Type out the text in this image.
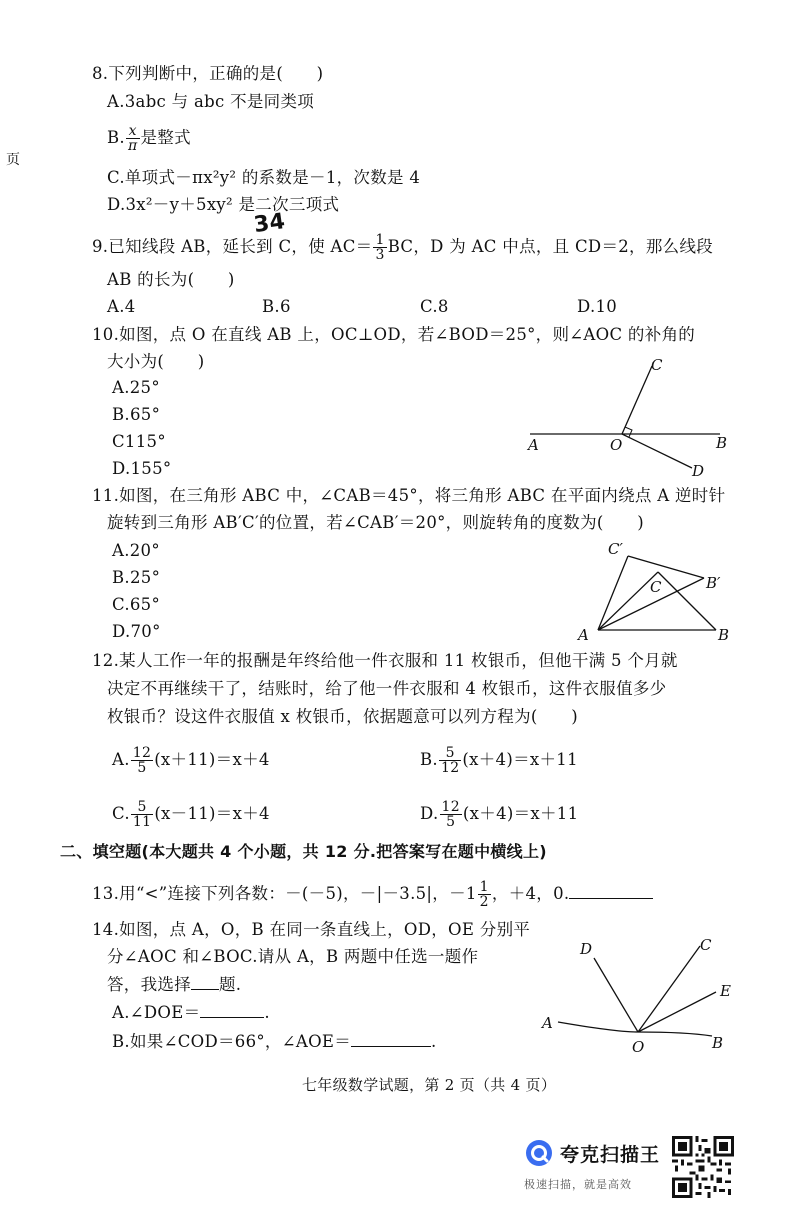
页
8.下列判断中，正确的是(　　)
A.3abc 与 abc 不是同类项
B. $\frac{x}{\pi}$ 是整式
C.单项式－πx²y² 的系数是－1，次数是 4
D.3x²－y＋5xy² 是二次三项式
9.已知线段 AB，延长到 C，使 $AC= \frac{1}{3}$ BC，D 为 AC 中点，且 CD＝2，那么线段
34
AB 的长为(　　)
A.4	B.6	C.8	D.10
10.如图，点 O 在直线 AB 上，OC⊥OD，若∠BOD＝25°，则∠AOC 的补角的
大小为(　　)
A.25°
B.65°
C115°
D.155°
A	O	B
C
D
11.如图，在三角形 ABC 中，∠CAB＝45°，将三角形 ABC 在平面内绕点 A 逆时针
旋转到三角形 AB′C′的位置，若∠CAB′＝20°，则旋转角的度数为(　　)
A.20°
B.25°
C.65°
D.70°	A	B
C	B′
C′
12.某人工作一年的报酬是年终给他一件衣服和 11 枚银币，但他干满 5 个月就
决定不再继续干了，结账时，给了他一件衣服和 4 枚银币，这件衣服值多少
枚银币？设这件衣服值 x 枚银币，依据题意可以列方程为(　　)
A. $\frac{12}{5} (x+11)=x+4$	B. $\frac{5}{12} (x+4)=x+11$
C. $\frac{5}{11} (x-11)=x+4$	D. $\frac{12}{5} (x+4)=x+11$
二、填空题(本大题共 4 个小题，共 12 分.把答案写在题中横线上)
13.用“<”连接下列各数：－(－5)，－|－3.5|，$-1 \frac{1}{2}$ ，＋4，0.
14.如图，点 A，O，B 在同一条直线上，OD，OE 分别平
分∠AOC 和∠BOC.请从 A，B 两题中任选一题作
答，我选择 题.
A.∠DOE＝	.
B.如果∠COD＝66°，∠AOE＝	.
A
O	B
C
D
E
七年级数学试题，第 2 页（共 4 页）
夸克扫描王
极速扫描，就是高效
